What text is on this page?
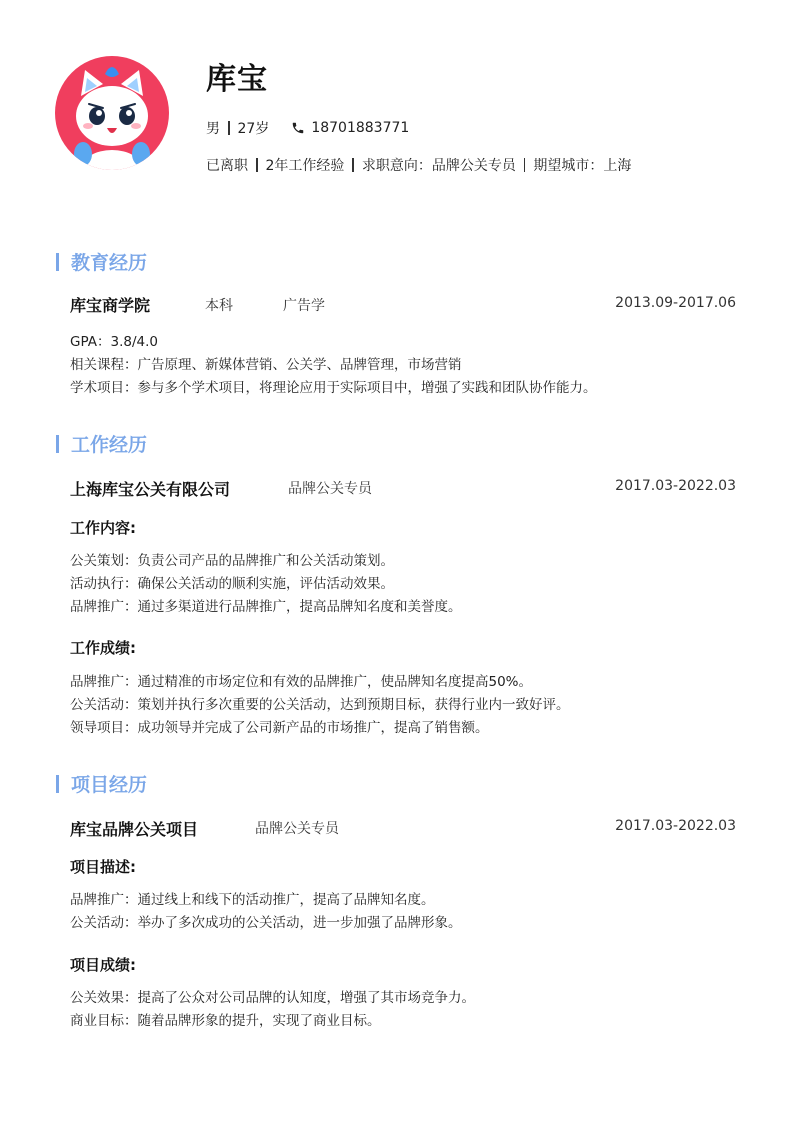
库宝
男 27岁	18701883771
已离职 2年工作经验 求职意向：品牌公关专员 期望城市：上海
教育经历
库宝商学院	本科	广告学	2013.09-2017.06
GPA：3.8/4.0
相关课程：广告原理、新媒体营销、公关学、品牌管理，市场营销
学术项目：参与多个学术项目，将理论应用于实际项目中，增强了实践和团队协作能力。
工作经历
上海库宝公关有限公司	品牌公关专员	2017.03-2022.03
工作内容:
公关策划：负责公司产品的品牌推广和公关活动策划。
活动执行：确保公关活动的顺利实施，评估活动效果。
品牌推广：通过多渠道进行品牌推广，提高品牌知名度和美誉度。
工作成绩:
品牌推广：通过精准的市场定位和有效的品牌推广，使品牌知名度提高50%。
公关活动：策划并执行多次重要的公关活动，达到预期目标，获得行业内一致好评。
领导项目：成功领导并完成了公司新产品的市场推广，提高了销售额。
项目经历
库宝品牌公关项目	品牌公关专员	2017.03-2022.03
项目描述:
品牌推广：通过线上和线下的活动推广，提高了品牌知名度。
公关活动：举办了多次成功的公关活动，进一步加强了品牌形象。
项目成绩:
公关效果：提高了公众对公司品牌的认知度，增强了其市场竞争力。
商业目标：随着品牌形象的提升，实现了商业目标。
